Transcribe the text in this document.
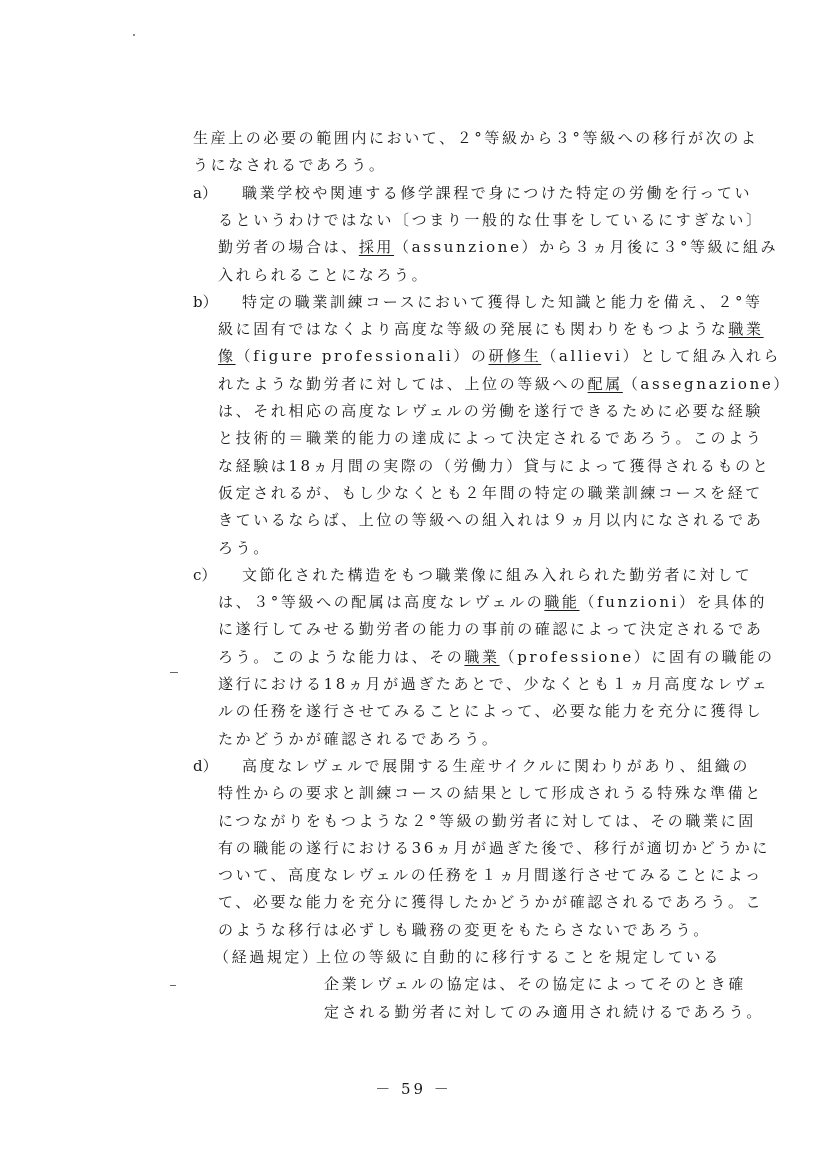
－ 59 －
生産上の必要の範囲内において、２°等級から３°等級への移行が次のよ
うになされるであろう。
a） 職業学校や関連する修学課程で身につけた特定の労働を行ってい
るというわけではない〔つまり一般的な仕事をしているにすぎない〕
勤労者の場合は、採用（assunzione）から３ヵ月後に３°等級に組み
入れられることになろう。
b） 特定の職業訓練コースにおいて獲得した知識と能力を備え、２°等
級に固有ではなくより高度な等級の発展にも関わりをもつような職業
像（figure professionali）の研修生（allievi）として組み入れら
れたような勤労者に対しては、上位の等級への配属（assegnazione）
は、それ相応の高度なレヴェルの労働を遂行できるために必要な経験
と技術的＝職業的能力の達成によって決定されるであろう。このよう
な経験は18ヵ月間の実際の（労働力）貸与によって獲得されるものと
仮定されるが、もし少なくとも２年間の特定の職業訓練コースを経て
きているならば、上位の等級への組入れは９ヵ月以内になされるであ
ろう。
c） 文節化された構造をもつ職業像に組み入れられた勤労者に対して
は、３°等級への配属は高度なレヴェルの職能（funzioni）を具体的
に遂行してみせる勤労者の能力の事前の確認によって決定されるであ
ろう。このような能力は、その職業（professione）に固有の職能の
遂行における18ヵ月が過ぎたあとで、少なくとも１ヵ月高度なレヴェ
ルの任務を遂行させてみることによって、必要な能力を充分に獲得し
たかどうかが確認されるであろう。
d） 高度なレヴェルで展開する生産サイクルに関わりがあり、組織の
特性からの要求と訓練コースの結果として形成されうる特殊な準備と
につながりをもつような２°等級の勤労者に対しては、その職業に固
有の職能の遂行における36ヵ月が過ぎた後で、移行が適切かどうかに
ついて、高度なレヴェルの任務を１ヵ月間遂行させてみることによっ
て、必要な能力を充分に獲得したかどうかが確認されるであろう。こ
のような移行は必ずしも職務の変更をもたらさないであろう。
（経過規定）
上位の等級に自動的に移行することを規定している
企業レヴェルの協定は、その協定によってそのとき確
定される勤労者に対してのみ適用され続けるであろう。
